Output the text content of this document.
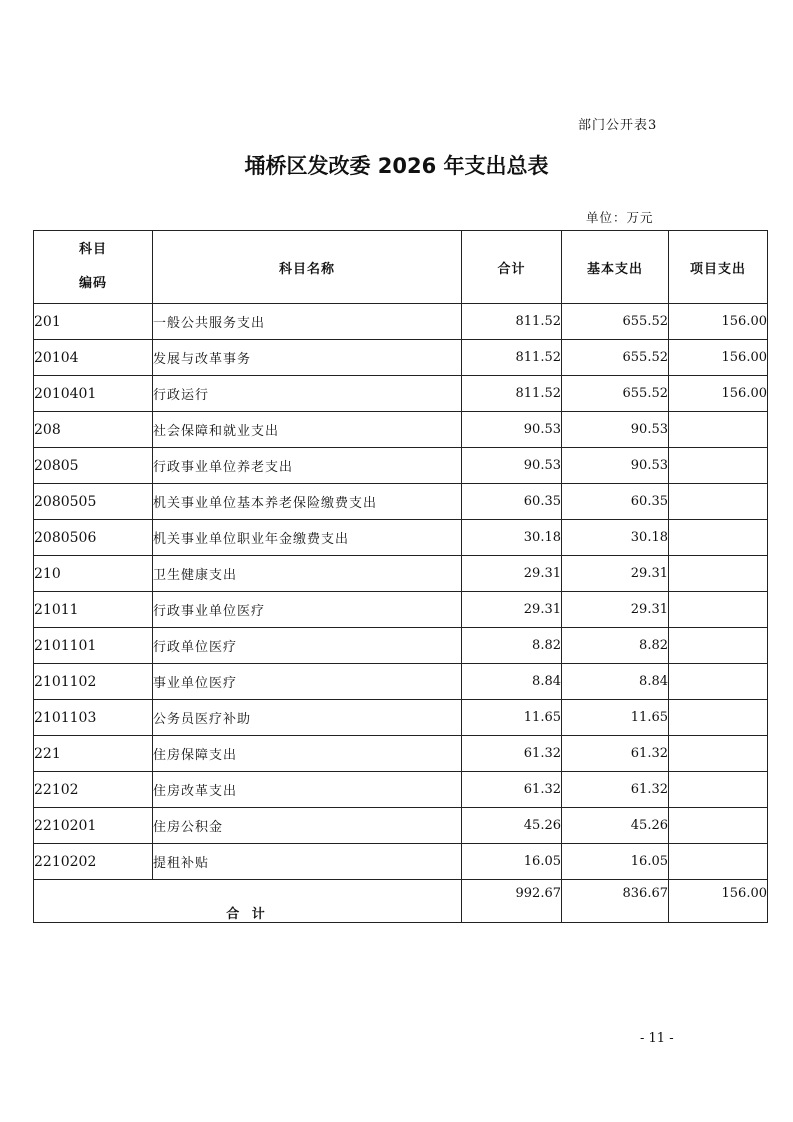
部门公开表3
埇桥区发改委 2026 年支出总表
单位：万元
科目
编码	科目名称	合计	基本支出	项目支出
201	一般公共服务支出	811.52	655.52	156.00
20104	发展与改革事务	811.52	655.52	156.00
2010401	行政运行	811.52	655.52	156.00
208	社会保障和就业支出	90.53	90.53	
20805	行政事业单位养老支出	90.53	90.53	
2080505	机关事业单位基本养老保险缴费支出	60.35	60.35	
2080506	机关事业单位职业年金缴费支出	30.18	30.18	
210	卫生健康支出	29.31	29.31	
21011	行政事业单位医疗	29.31	29.31	
2101101	行政单位医疗	8.82	8.82	
2101102	事业单位医疗	8.84	8.84	
2101103	公务员医疗补助	11.65	11.65	
221	住房保障支出	61.32	61.32	
22102	住房改革支出	61.32	61.32	
2210201	住房公积金	45.26	45.26	
2210202	提租补贴	16.05	16.05	
合 计		992.67	836.67	156.00
- 11 -
